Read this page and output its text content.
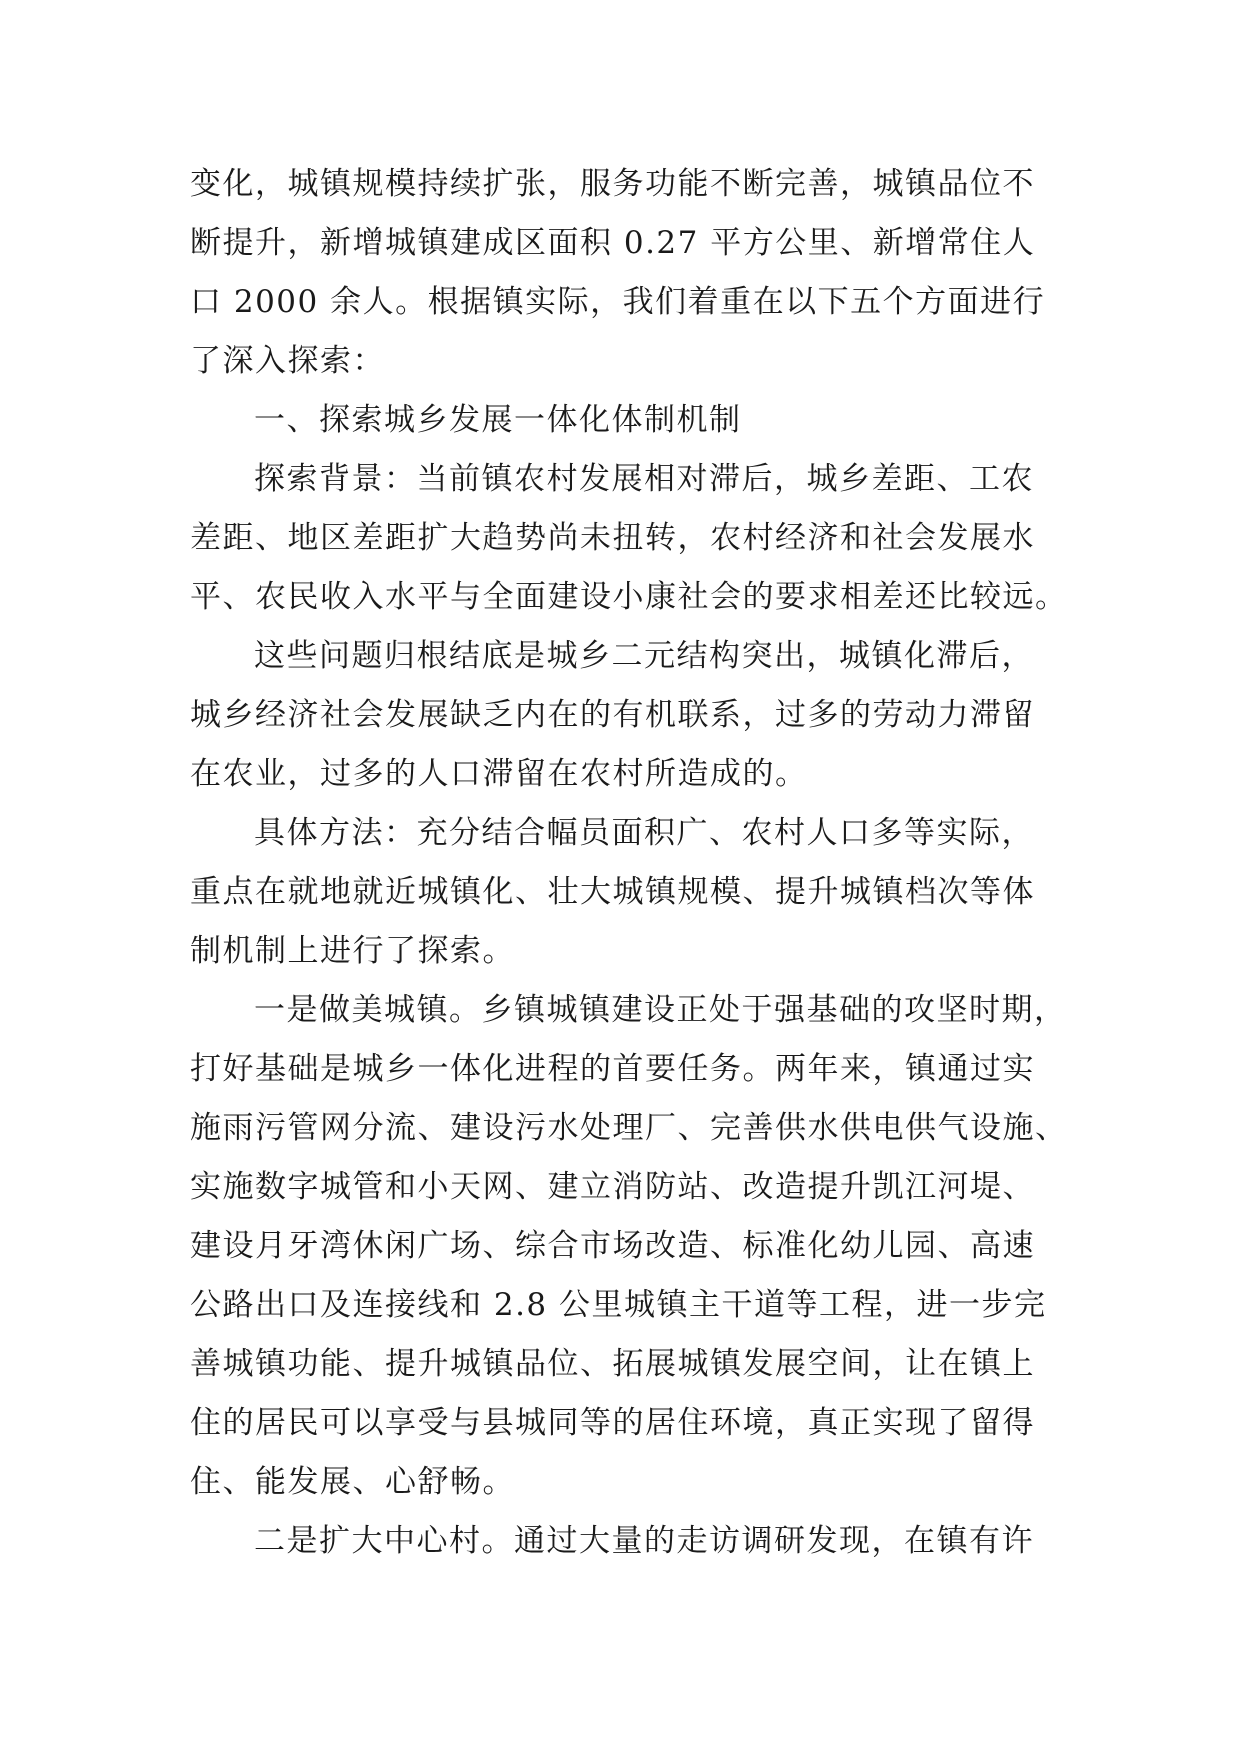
变化，城镇规模持续扩张，服务功能不断完善，城镇品位不
断提升，新增城镇建成区面积 0.27 平方公里、新增常住人
口 2000 余人。根据镇实际，我们着重在以下五个方面进行
了深入探索：
一、探索城乡发展一体化体制机制
探索背景：当前镇农村发展相对滞后，城乡差距、工农
差距、地区差距扩大趋势尚未扭转，农村经济和社会发展水
平、农民收入水平与全面建设小康社会的要求相差还比较远。
这些问题归根结底是城乡二元结构突出，城镇化滞后，
城乡经济社会发展缺乏内在的有机联系，过多的劳动力滞留
在农业，过多的人口滞留在农村所造成的。
具体方法：充分结合幅员面积广、农村人口多等实际，
重点在就地就近城镇化、壮大城镇规模、提升城镇档次等体
制机制上进行了探索。
一是做美城镇。乡镇城镇建设正处于强基础的攻坚时期，
打好基础是城乡一体化进程的首要任务。两年来，镇通过实
施雨污管网分流、建设污水处理厂、完善供水供电供气设施、
实施数字城管和小天网、建立消防站、改造提升凯江河堤、
建设月牙湾休闲广场、综合市场改造、标准化幼儿园、高速
公路出口及连接线和 2.8 公里城镇主干道等工程，进一步完
善城镇功能、提升城镇品位、拓展城镇发展空间，让在镇上
住的居民可以享受与县城同等的居住环境，真正实现了留得
住、能发展、心舒畅。
二是扩大中心村。通过大量的走访调研发现，在镇有许
